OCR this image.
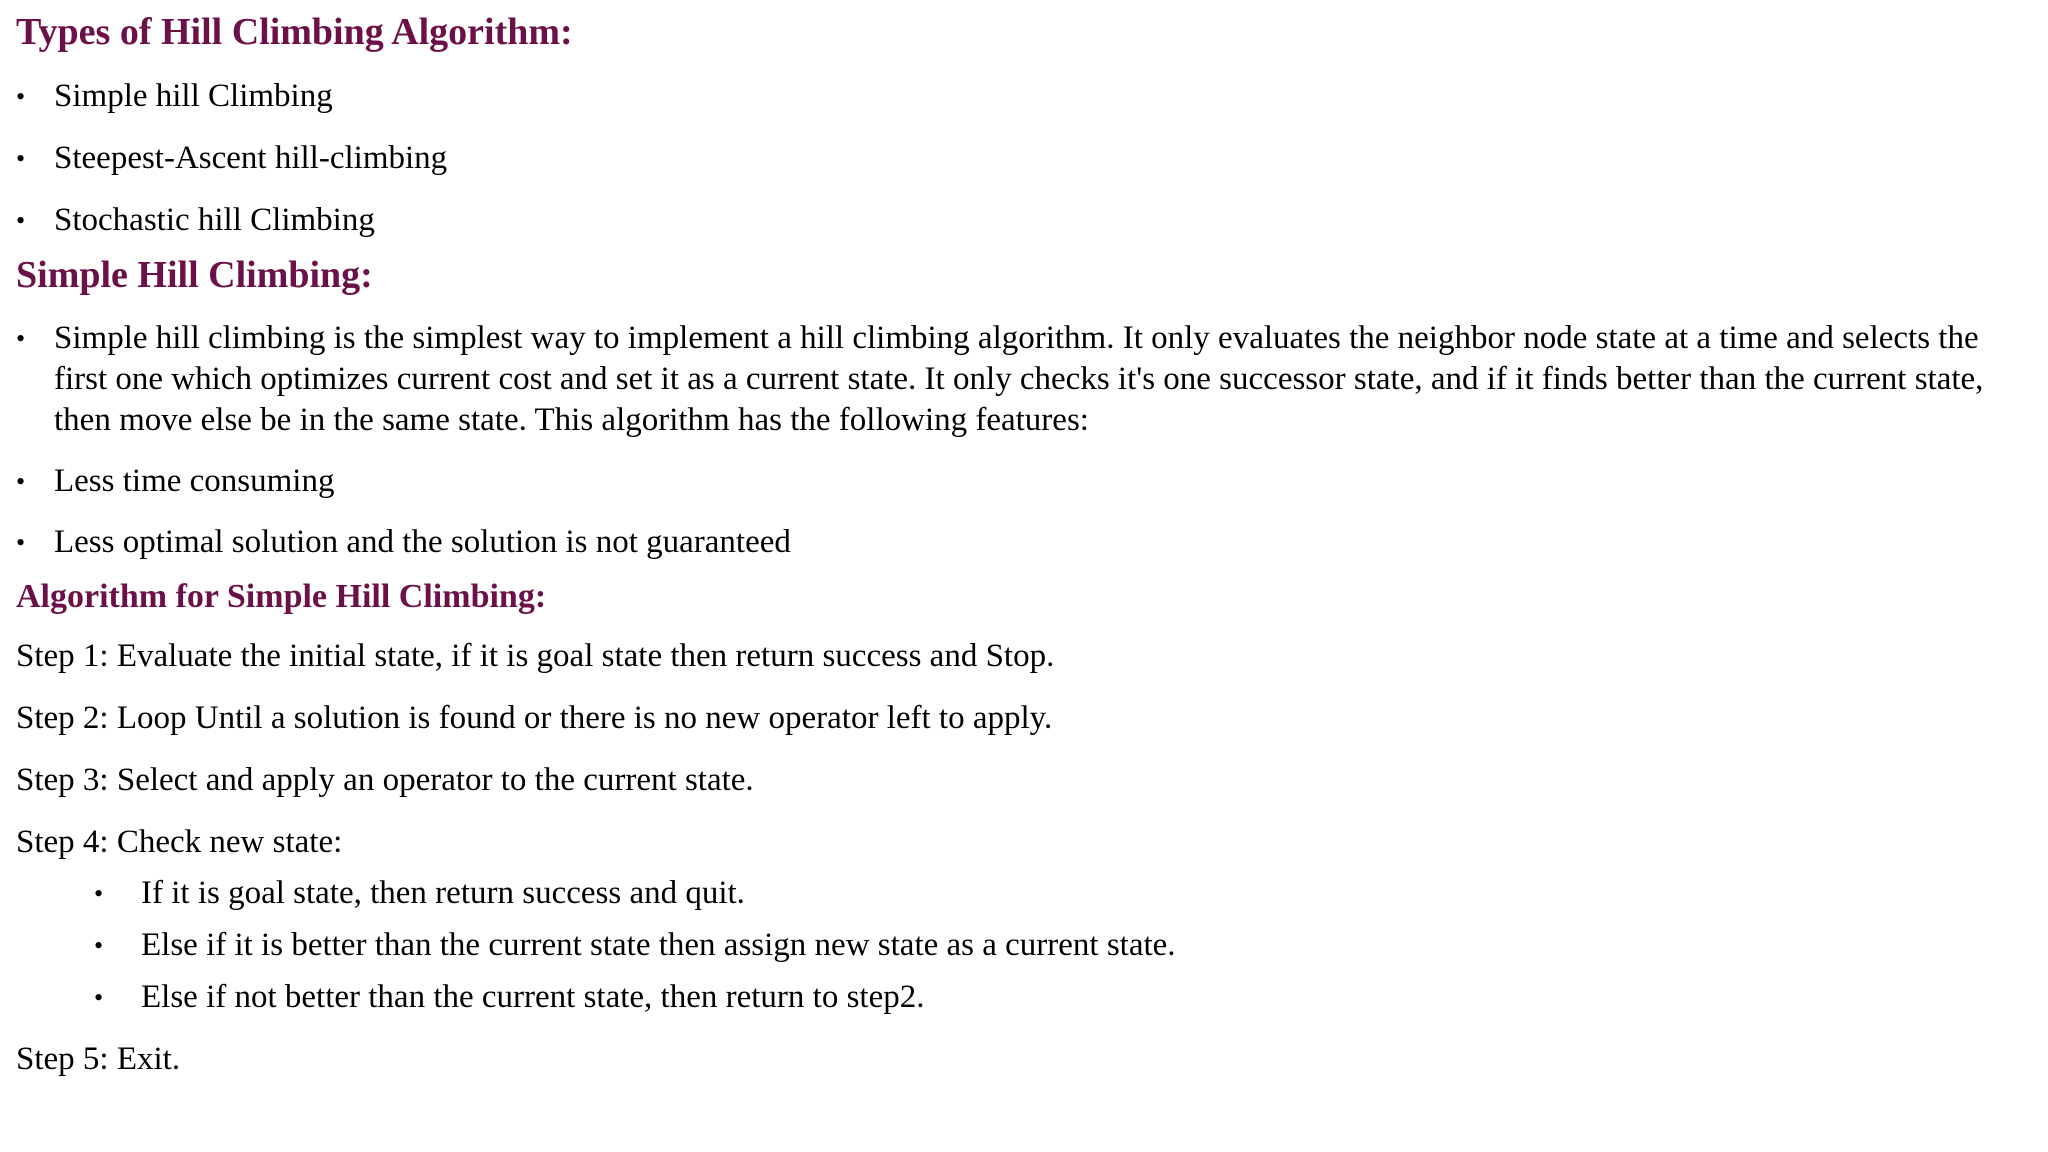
Types of Hill Climbing Algorithm:
• Simple hill Climbing
• Steepest-Ascent hill-climbing
• Stochastic hill Climbing
Simple Hill Climbing:
• Simple hill climbing is the simplest way to implement a hill climbing algorithm. It only evaluates the neighbor node state at a time and selects the first one which optimizes current cost and set it as a current state. It only checks it's one successor state, and if it finds better than the current state, then move else be in the same state. This algorithm has the following features:
• Less time consuming
• Less optimal solution and the solution is not guaranteed
Algorithm for Simple Hill Climbing:

Step 1: Evaluate the initial state, if it is goal state then return success and Stop.

Step 2: Loop Until a solution is found or there is no new operator left to apply.

Step 3: Select and apply an operator to the current state.

Step 4: Check new state:

• If it is goal state, then return success and quit.
• Else if it is better than the current state then assign new state as a current state.
• Else if not better than the current state, then return to step2.

Step 5: Exit.
